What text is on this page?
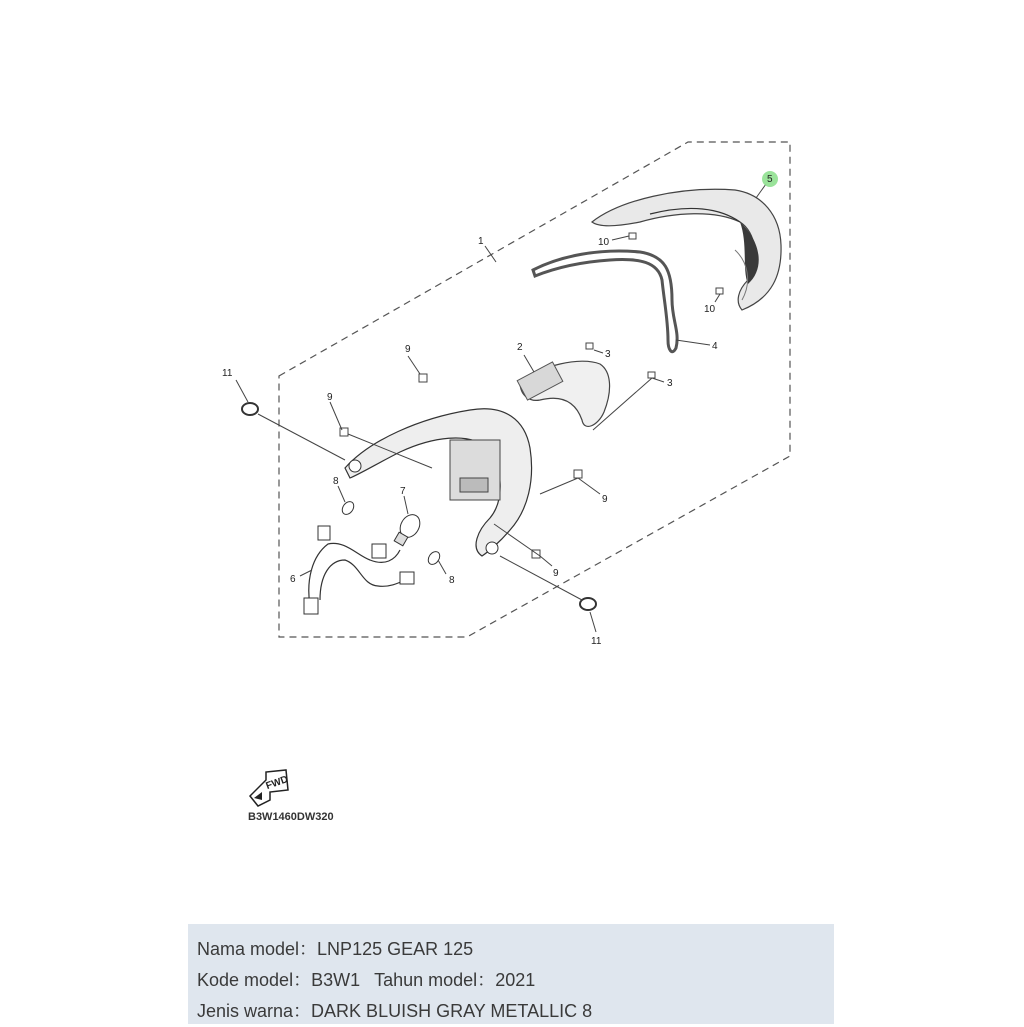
1
2
3
3
4
5
6
7
8
8
9
9
9
9
10
10
11
11
FWD
B3W1460DW320
Nama model：LNP125 GEAR 125
Kode model：B3W1 Tahun model：2021
Jenis warna：DARK BLUISH GRAY METALLIC 8
